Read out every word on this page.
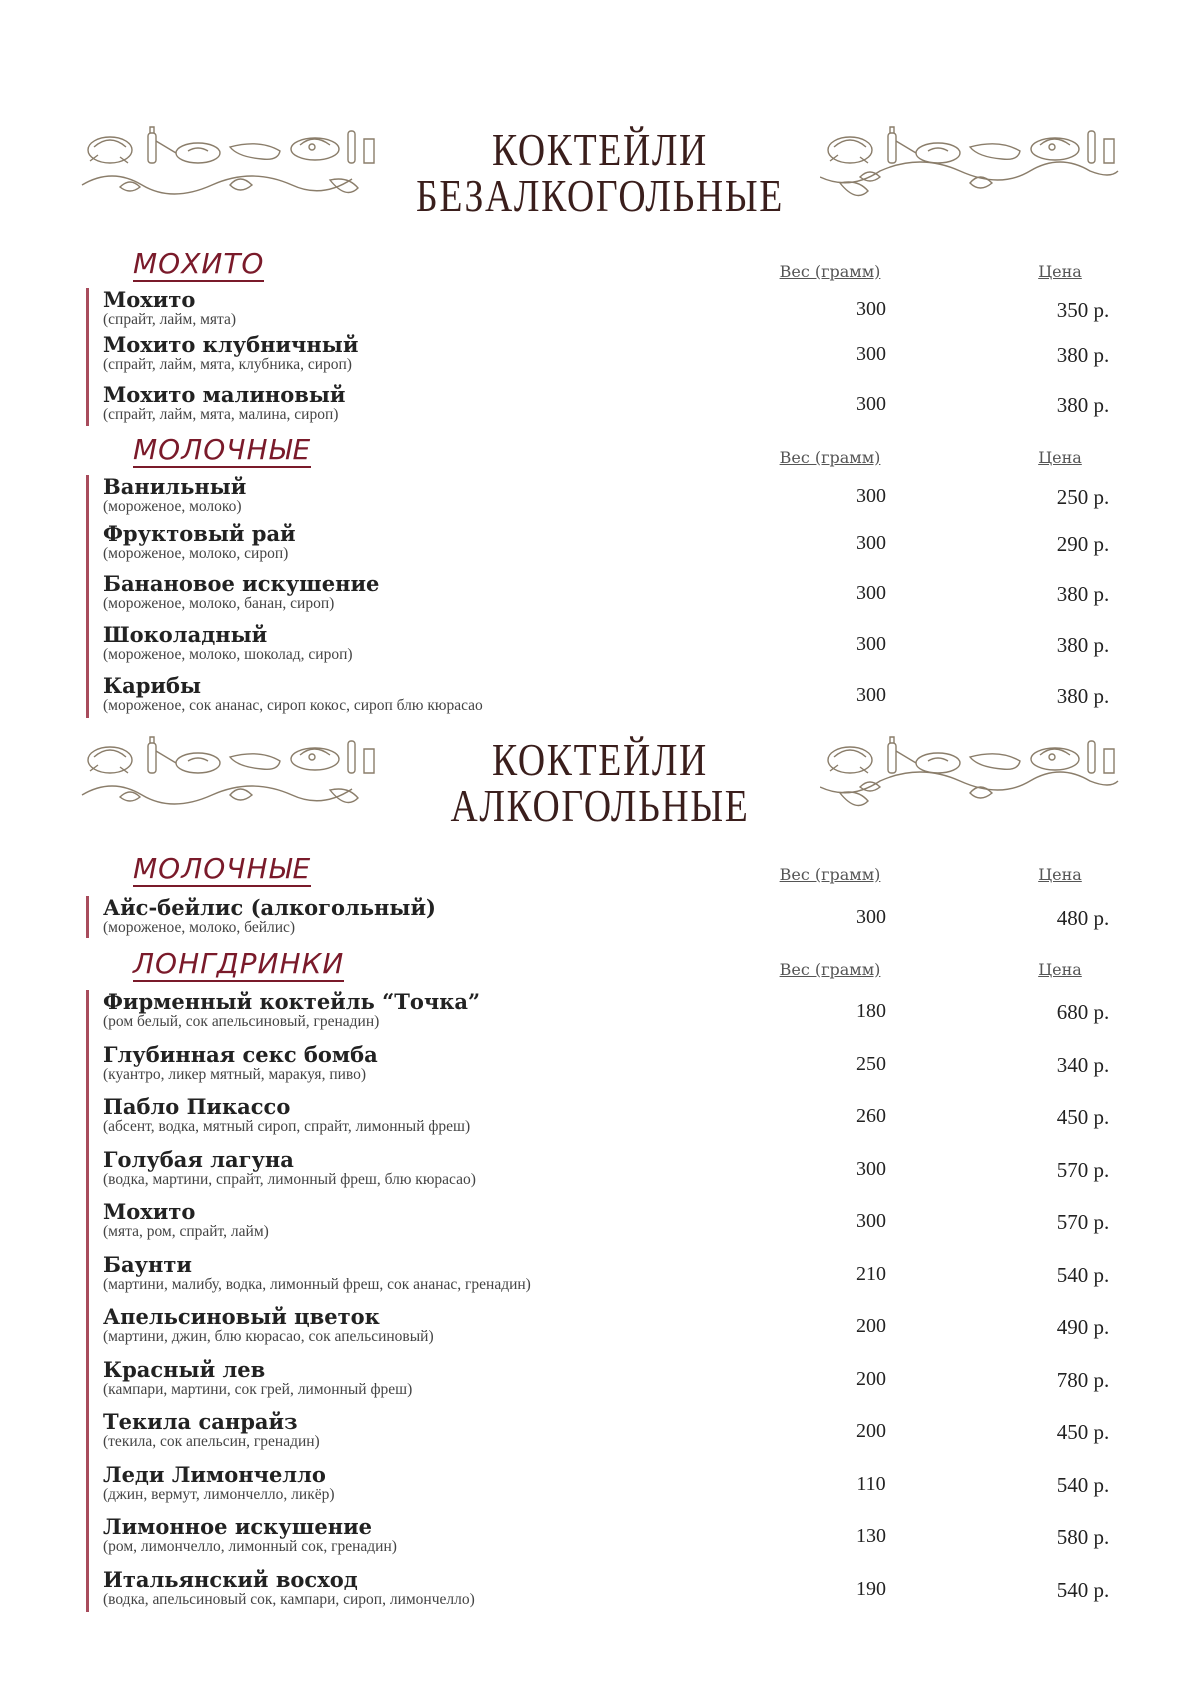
КОКТЕЙЛИ
БЕЗАЛКОГОЛЬНЫЕ
МОХИТО	Вес (грамм)	Цена
Мохито
(спрайт, лайм, мята)	300	350 р.
Мохито клубничный
(спрайт, лайм, мята, клубника, сироп)	300	380 р.
Мохито малиновый
(спрайт, лайм, мята, малина, сироп)	300	380 р.
МОЛОЧНЫЕ	Вес (грамм)	Цена
Ванильный
(мороженое, молоко)	300	250 р.
Фруктовый рай
(мороженое, молоко, сироп)	300	290 р.
Банановое искушение
(мороженое, молоко, банан, сироп)	300	380 р.
Шоколадный
(мороженое, молоко, шоколад, сироп)	300	380 р.
Карибы
(мороженое, сок ананас, сироп кокос, сироп блю кюрасао	300	380 р.
КОКТЕЙЛИ
АЛКОГОЛЬНЫЕ
МОЛОЧНЫЕ	Вес (грамм)	Цена
Айс-бейлис (алкогольный)
(мороженое, молоко, бейлис)	300	480 р.
ЛОНГДРИНКИ	Вес (грамм)	Цена
Фирменный коктейль “Точка”
(ром белый, сок апельсиновый, гренадин)	180	680 р.
Глубинная секс бомба
(куантро, ликер мятный, маракуя, пиво)	250	340 р.
Пабло Пикассо
(абсент, водка, мятный сироп, спрайт, лимонный фреш)	260	450 р.
Голубая лагуна
(водка, мартини, спрайт, лимонный фреш, блю кюрасао)	300	570 р.
Мохито
(мята, ром, спрайт, лайм)	300	570 р.
Баунти
(мартини, малибу, водка, лимонный фреш, сок ананас, гренадин)	210	540 р.
Апельсиновый цветок
(мартини, джин, блю кюрасао, сок апельсиновый)	200	490 р.
Красный лев
(кампари, мартини, сок грей, лимонный фреш)	200	780 р.
Текила санрайз
(текила, сок апельсин, гренадин)	200	450 р.
Леди Лимончелло
(джин, вермут, лимончелло, ликёр)	110	540 р.
Лимонное искушение
(ром, лимончелло, лимонный сок, гренадин)	130	580 р.
Итальянский восход
(водка, апельсиновый сок, кампари, сироп, лимончелло)	190	540 р.
